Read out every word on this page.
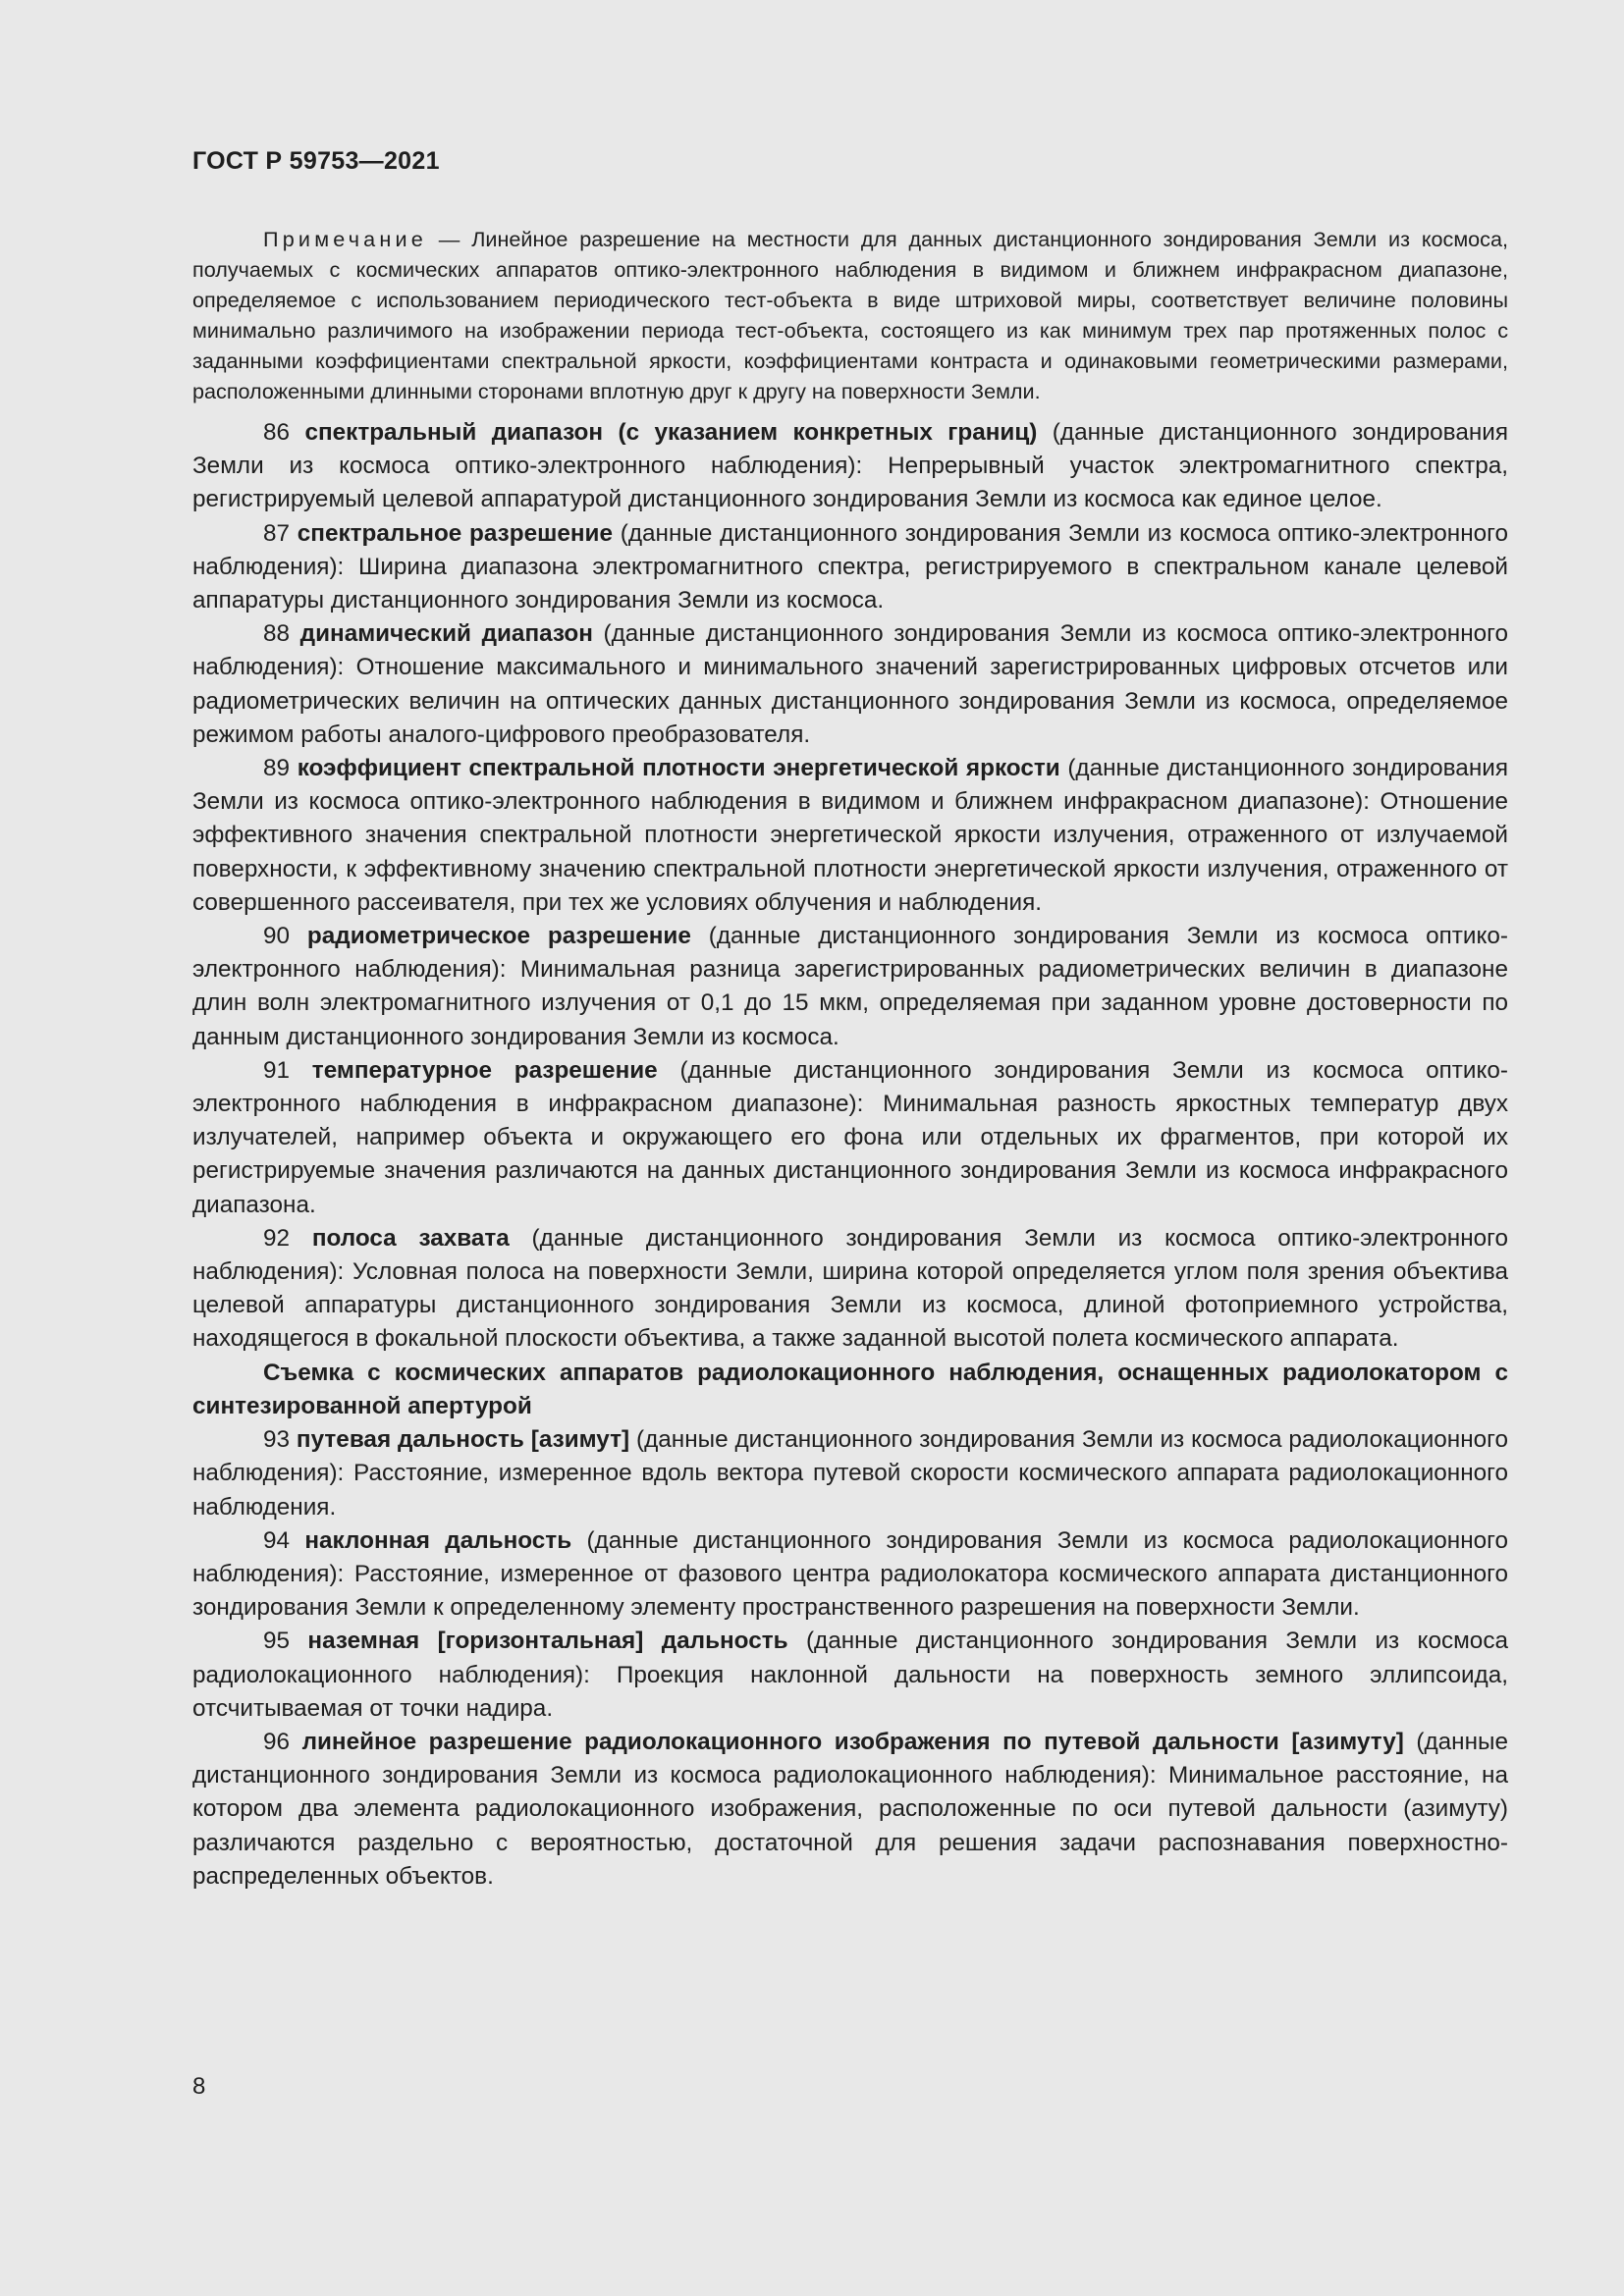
ГОСТ Р 59753—2021

Примечание — Линейное разрешение на местности для данных дистанционного зондирования Земли из космоса, получаемых с космических аппаратов оптико-электронного наблюдения в видимом и ближнем инфракрасном диапазоне, определяемое с использованием периодического тест-объекта в виде штриховой миры, соответствует величине половины минимально различимого на изображении периода тест-объекта, состоящего из как минимум трех пар протяженных полос с заданными коэффициентами спектральной яркости, коэффициентами контраста и одинаковыми геометрическими размерами, расположенными длинными сторонами вплотную друг к другу на поверхности Земли.

86 спектральный диапазон (с указанием конкретных границ) (данные дистанционного зондирования Земли из космоса оптико-электронного наблюдения): Непрерывный участок электромагнитного спектра, регистрируемый целевой аппаратурой дистанционного зондирования Земли из космоса как единое целое.

87 спектральное разрешение (данные дистанционного зондирования Земли из космоса оптико-электронного наблюдения): Ширина диапазона электромагнитного спектра, регистрируемого в спектральном канале целевой аппаратуры дистанционного зондирования Земли из космоса.

88 динамический диапазон (данные дистанционного зондирования Земли из космоса оптико-электронного наблюдения): Отношение максимального и минимального значений зарегистрированных цифровых отсчетов или радиометрических величин на оптических данных дистанционного зондирования Земли из космоса, определяемое режимом работы аналого-цифрового преобразователя.

89 коэффициент спектральной плотности энергетической яркости (данные дистанционного зондирования Земли из космоса оптико-электронного наблюдения в видимом и ближнем инфракрасном диапазоне): Отношение эффективного значения спектральной плотности энергетической яркости излучения, отраженного от излучаемой поверхности, к эффективному значению спектральной плотности энергетической яркости излучения, отраженного от совершенного рассеивателя, при тех же условиях облучения и наблюдения.

90 радиометрическое разрешение (данные дистанционного зондирования Земли из космоса оптико-электронного наблюдения): Минимальная разница зарегистрированных радиометрических величин в диапазоне длин волн электромагнитного излучения от 0,1 до 15 мкм, определяемая при заданном уровне достоверности по данным дистанционного зондирования Земли из космоса.

91 температурное разрешение (данные дистанционного зондирования Земли из космоса оптико-электронного наблюдения в инфракрасном диапазоне): Минимальная разность яркостных температур двух излучателей, например объекта и окружающего его фона или отдельных их фрагментов, при которой их регистрируемые значения различаются на данных дистанционного зондирования Земли из космоса инфракрасного диапазона.

92 полоса захвата (данные дистанционного зондирования Земли из космоса оптико-электронного наблюдения): Условная полоса на поверхности Земли, ширина которой определяется углом поля зрения объектива целевой аппаратуры дистанционного зондирования Земли из космоса, длиной фотоприемного устройства, находящегося в фокальной плоскости объектива, а также заданной высотой полета космического аппарата.

Съемка с космических аппаратов радиолокационного наблюдения, оснащенных радиолокатором с синтезированной апертурой

93 путевая дальность [азимут] (данные дистанционного зондирования Земли из космоса радиолокационного наблюдения): Расстояние, измеренное вдоль вектора путевой скорости космического аппарата радиолокационного наблюдения.

94 наклонная дальность (данные дистанционного зондирования Земли из космоса радиолокационного наблюдения): Расстояние, измеренное от фазового центра радиолокатора космического аппарата дистанционного зондирования Земли к определенному элементу пространственного разрешения на поверхности Земли.

95 наземная [горизонтальная] дальность (данные дистанционного зондирования Земли из космоса радиолокационного наблюдения): Проекция наклонной дальности на поверхность земного эллипсоида, отсчитываемая от точки надира.

96 линейное разрешение радиолокационного изображения по путевой дальности [азимуту] (данные дистанционного зондирования Земли из космоса радиолокационного наблюдения): Минимальное расстояние, на котором два элемента радиолокационного изображения, расположенные по оси путевой дальности (азимуту) различаются раздельно с вероятностью, достаточной для решения задачи распознавания поверхностно-распределенных объектов.

8
